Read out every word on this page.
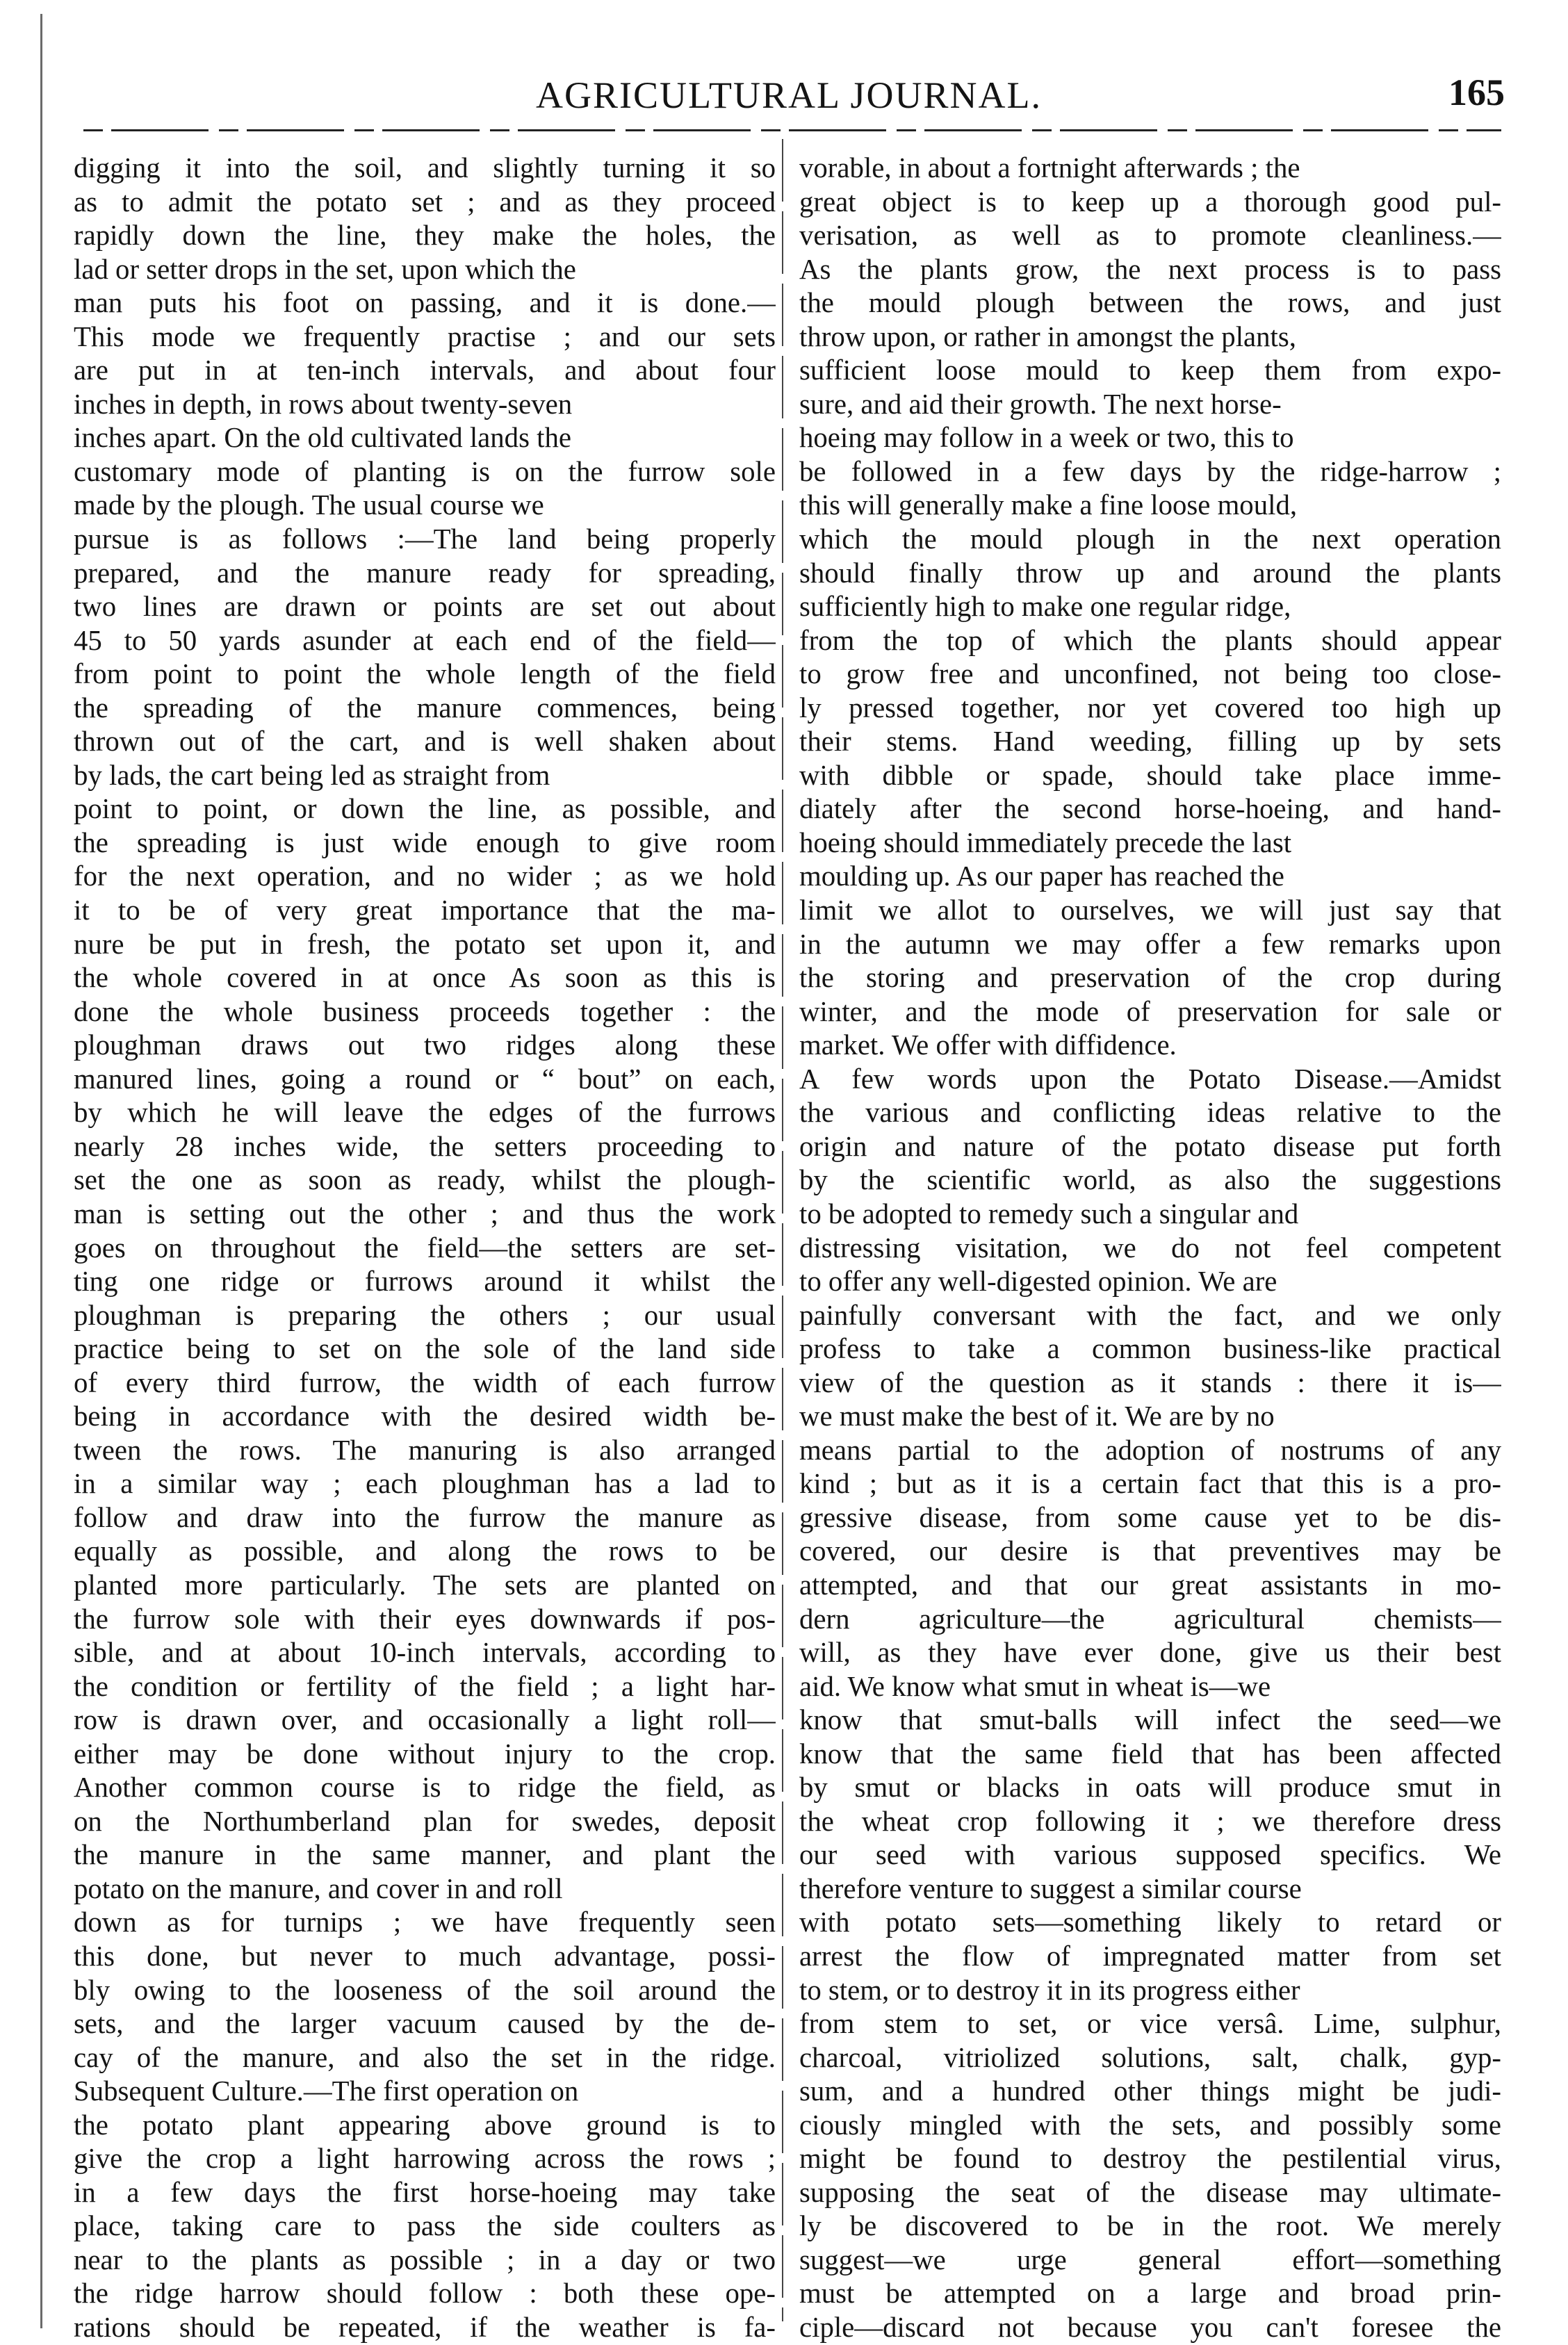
AGRICULTURAL JOURNAL.	165
digging it into the soil, and slightly turning it so
as to admit the potato set ; and as they proceed
rapidly down the line, they make the holes, the
lad or setter drops in the set, upon which the
man puts his foot on passing, and it is done.—
This mode we frequently practise ; and our sets
are put in at ten-inch intervals, and about four
inches in depth, in rows about twenty-seven
inches apart. On the old cultivated lands the
customary mode of planting is on the furrow sole
made by the plough. The usual course we
pursue is as follows :—The land being properly
prepared, and the manure ready for spreading,
two lines are drawn or points are set out about
45 to 50 yards asunder at each end of the field—
from point to point the whole length of the field
the spreading of the manure commences, being
thrown out of the cart, and is well shaken about
by lads, the cart being led as straight from
point to point, or down the line, as possible, and
the spreading is just wide enough to give room
for the next operation, and no wider ; as we hold
it to be of very great importance that the ma-
nure be put in fresh, the potato set upon it, and
the whole covered in at once As soon as this is
done the whole business proceeds together : the
ploughman draws out two ridges along these
manured lines, going a round or “ bout” on each,
by which he will leave the edges of the furrows
nearly 28 inches wide, the setters proceeding to
set the one as soon as ready, whilst the plough-
man is setting out the other ; and thus the work
goes on throughout the field—the setters are set-
ting one ridge or furrows around it whilst the
ploughman is preparing the others ; our usual
practice being to set on the sole of the land side
of every third furrow, the width of each furrow
being in accordance with the desired width be-
tween the rows. The manuring is also arranged
in a similar way ; each ploughman has a lad to
follow and draw into the furrow the manure as
equally as possible, and along the rows to be
planted more particularly. The sets are planted on
the furrow sole with their eyes downwards if pos-
sible, and at about 10-inch intervals, according to
the condition or fertility of the field ; a light har-
row is drawn over, and occasionally a light roll—
either may be done without injury to the crop.
Another common course is to ridge the field, as
on the Northumberland plan for swedes, deposit
the manure in the same manner, and plant the
potato on the manure, and cover in and roll
down as for turnips ; we have frequently seen
this done, but never to much advantage, possi-
bly owing to the looseness of the soil around the
sets, and the larger vacuum caused by the de-
cay of the manure, and also the set in the ridge.
Subsequent Culture.—The first operation on
the potato plant appearing above ground is to
give the crop a light harrowing across the rows ;
in a few days the first horse-hoeing may take
place, taking care to pass the side coulters as
near to the plants as possible ; in a day or two
the ridge harrow should follow : both these ope-
rations should be repeated, if the weather is fa-
vorable, in about a fortnight afterwards ; the
great object is to keep up a thorough good pul-
verisation, as well as to promote cleanliness.—
As the plants grow, the next process is to pass
the mould plough between the rows, and just
throw upon, or rather in amongst the plants,
sufficient loose mould to keep them from expo-
sure, and aid their growth. The next horse-
hoeing may follow in a week or two, this to
be followed in a few days by the ridge-harrow ;
this will generally make a fine loose mould,
which the mould plough in the next operation
should finally throw up and around the plants
sufficiently high to make one regular ridge,
from the top of which the plants should appear
to grow free and unconfined, not being too close-
ly pressed together, nor yet covered too high up
their stems. Hand weeding, filling up by sets
with dibble or spade, should take place imme-
diately after the second horse-hoeing, and hand-
hoeing should immediately precede the last
moulding up. As our paper has reached the
limit we allot to ourselves, we will just say that
in the autumn we may offer a few remarks upon
the storing and preservation of the crop during
winter, and the mode of preservation for sale or
market. We offer with diffidence.
A few words upon the Potato Disease.—Amidst
the various and conflicting ideas relative to the
origin and nature of the potato disease put forth
by the scientific world, as also the suggestions
to be adopted to remedy such a singular and
distressing visitation, we do not feel competent
to offer any well-digested opinion. We are
painfully conversant with the fact, and we only
profess to take a common business-like practical
view of the question as it stands : there it is—
we must make the best of it. We are by no
means partial to the adoption of nostrums of any
kind ; but as it is a certain fact that this is a pro-
gressive disease, from some cause yet to be dis-
covered, our desire is that preventives may be
attempted, and that our great assistants in mo-
dern agriculture—the agricultural chemists—
will, as they have ever done, give us their best
aid. We know what smut in wheat is—we
know that smut-balls will infect the seed—we
know that the same field that has been affected
by smut or blacks in oats will produce smut in
the wheat crop following it ; we therefore dress
our seed with various supposed specifics. We
therefore venture to suggest a similar course
with potato sets—something likely to retard or
arrest the flow of impregnated matter from set
to stem, or to destroy it in its progress either
from stem to set, or vice versâ. Lime, sulphur,
charcoal, vitriolized solutions, salt, chalk, gyp-
sum, and a hundred other things might be judi-
ciously mingled with the sets, and possibly some
might be found to destroy the pestilential virus,
supposing the seat of the disease may ultimate-
ly be discovered to be in the root. We merely
suggest—we urge general effort—something
must be attempted on a large and broad prin-
ciple—discard not because you can't foresee the
